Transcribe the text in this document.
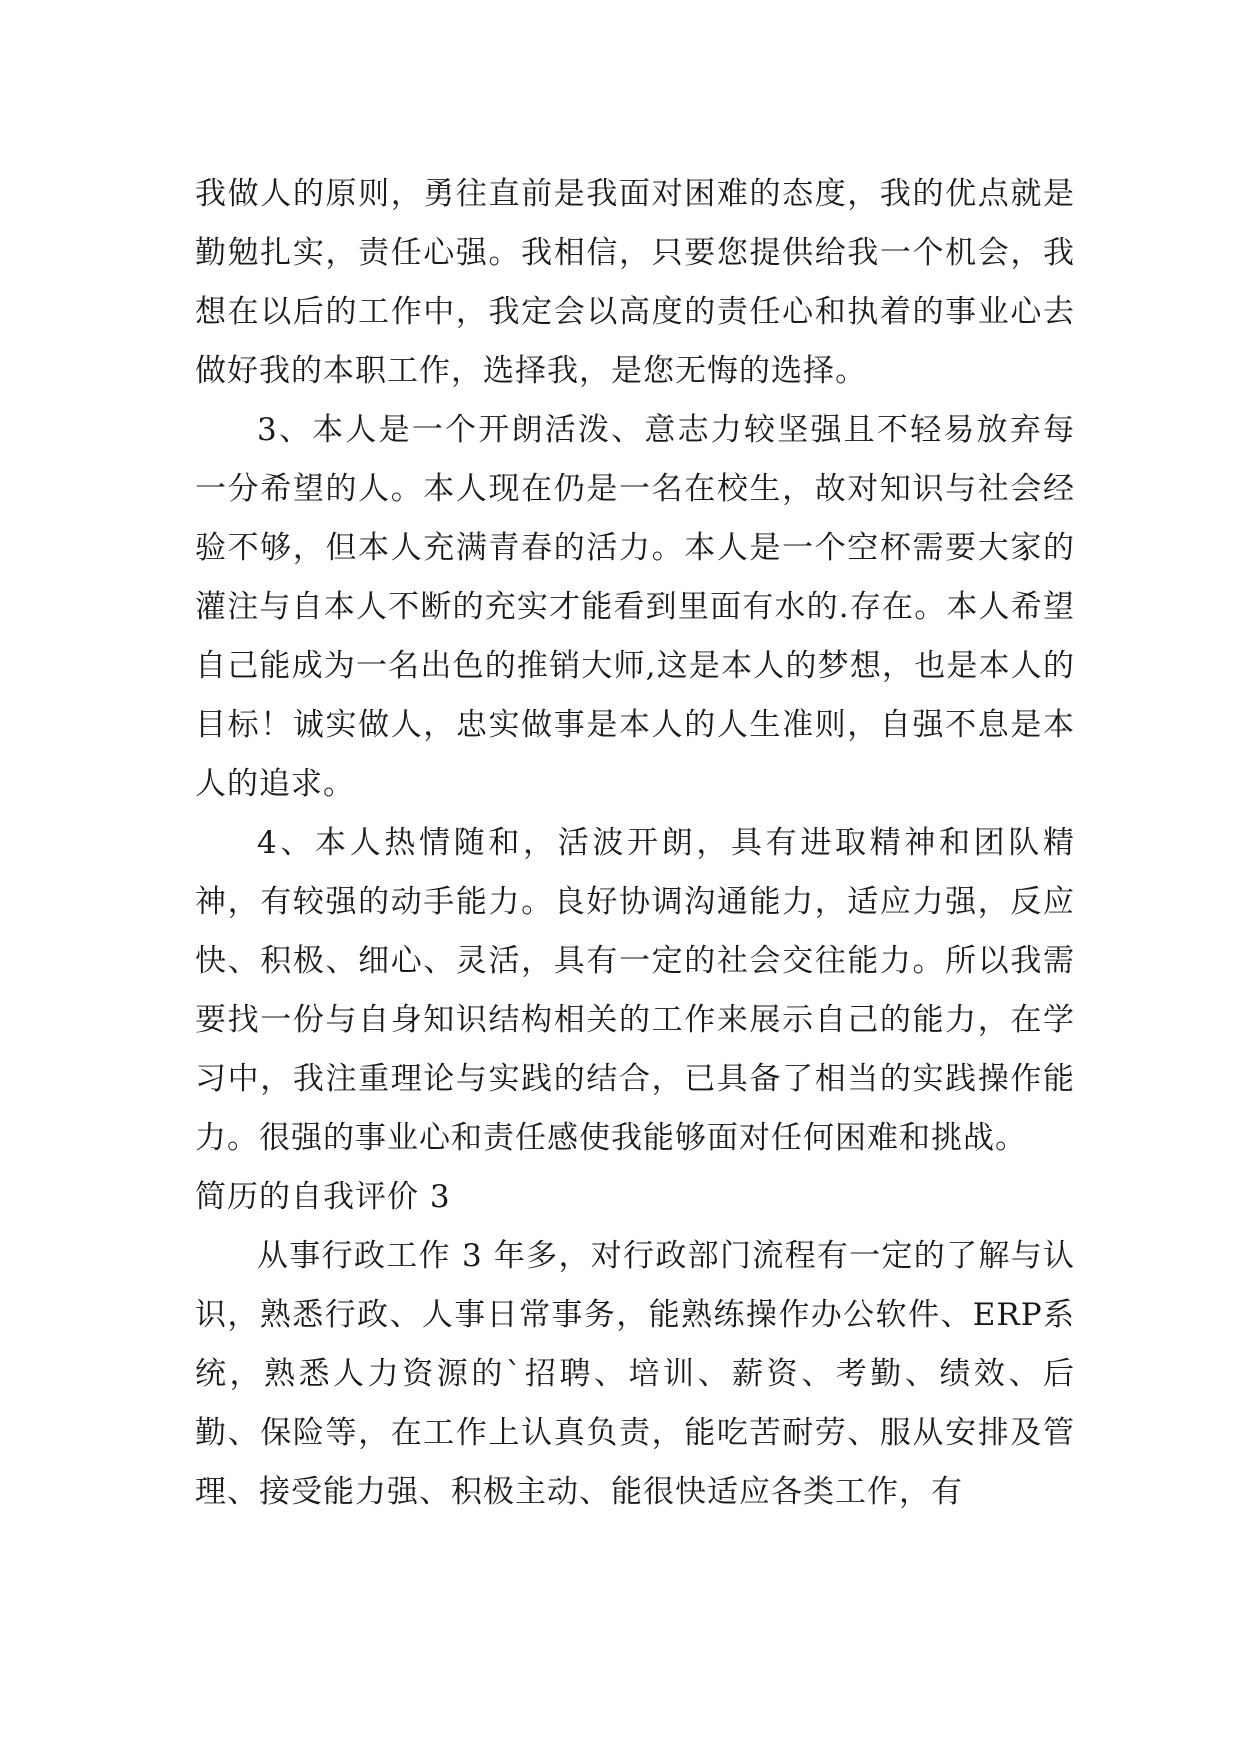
我做人的原则，勇往直前是我面对困难的态度，我的优点就是勤勉扎实，责任心强。我相信，只要您提供给我一个机会，我想在以后的工作中，我定会以高度的责任心和执着的事业心去做好我的本职工作，选择我，是您无悔的选择。

3、本人是一个开朗活泼、意志力较坚强且不轻易放弃每一分希望的人。本人现在仍是一名在校生，故对知识与社会经验不够，但本人充满青春的活力。本人是一个空杯需要大家的灌注与自本人不断的充实才能看到里面有水的.存在。本人希望自己能成为一名出色的推销大师,这是本人的梦想，也是本人的目标！诚实做人，忠实做事是本人的人生准则，自强不息是本人的追求。

4、本人热情随和，活波开朗，具有进取精神和团队精神，有较强的动手能力。良好协调沟通能力，适应力强，反应快、积极、细心、灵活，具有一定的社会交往能力。所以我需要找一份与自身知识结构相关的工作来展示自己的能力，在学习中，我注重理论与实践的结合，已具备了相当的实践操作能力。很强的事业心和责任感使我能够面对任何困难和挑战。

简历的自我评价 3

从事行政工作 3 年多，对行政部门流程有一定的了解与认识，熟悉行政、人事日常事务，能熟练操作办公软件、ERP系统，熟悉人力资源的`招聘、培训、薪资、考勤、绩效、后勤、保险等，在工作上认真负责，能吃苦耐劳、服从安排及管理、接受能力强、积极主动、能很快适应各类工作，有
